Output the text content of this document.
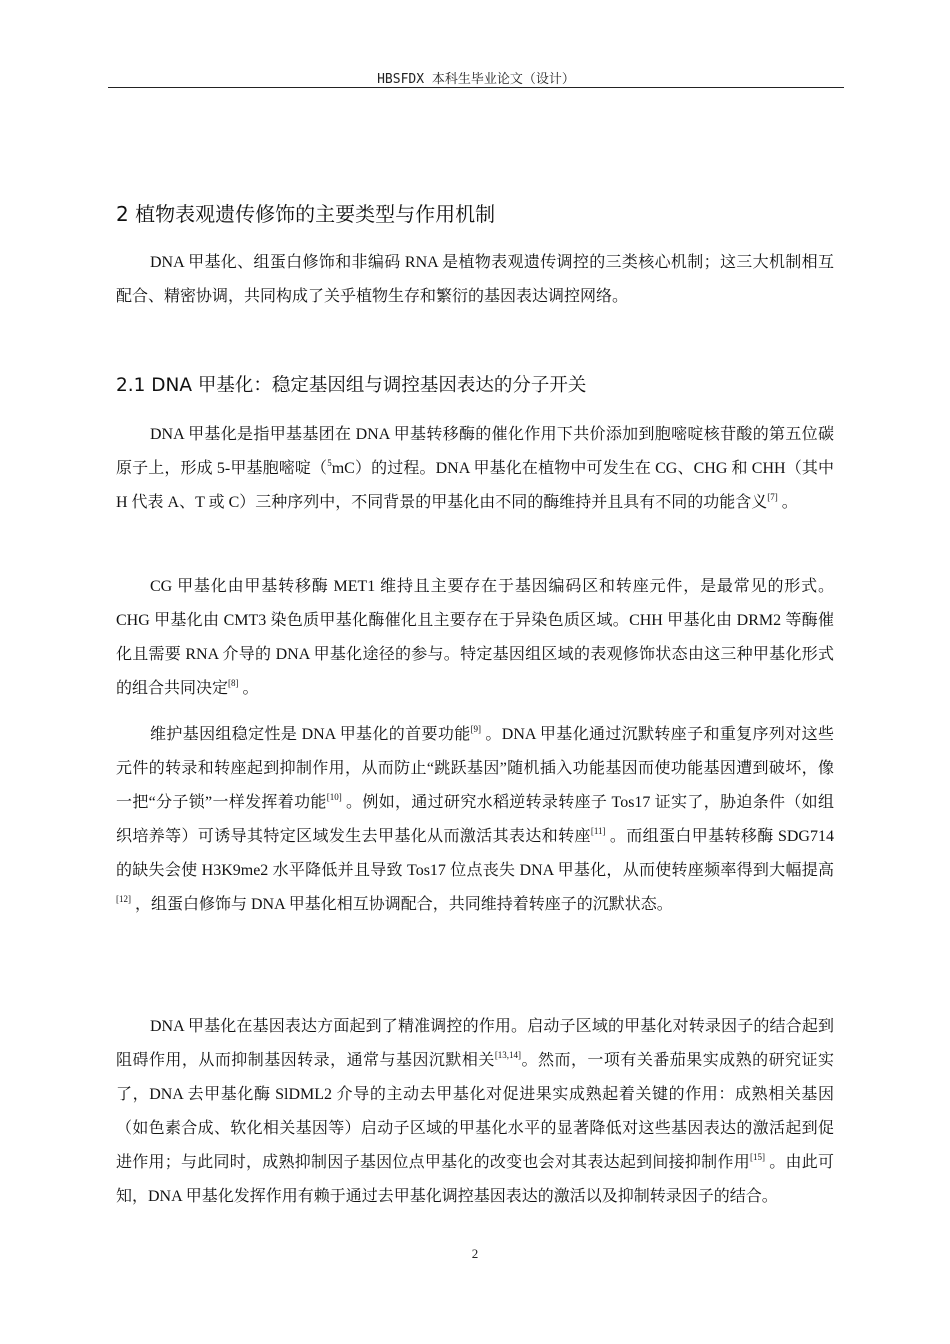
HBSFDX 本科生毕业论文（设计）
2 植物表观遗传修饰的主要类型与作用机制

DNA 甲基化、组蛋白修饰和非编码 RNA 是植物表观遗传调控的三类核心机制；这三大机制相互配合、精密协调，共同构成了关乎植物生存和繁衍的基因表达调控网络。

2.1 DNA 甲基化：稳定基因组与调控基因表达的分子开关

DNA 甲基化是指甲基基团在 DNA 甲基转移酶的催化作用下共价添加到胞嘧啶核苷酸的第五位碳原子上，形成 5-甲基胞嘧啶（$^5$mC）的过程。DNA 甲基化在植物中可发生在 CG、CHG 和 CHH（其中 H 代表 A、T 或 C）三种序列中，不同背景的甲基化由不同的酶维持并且具有不同的功能含义[7] 。

CG 甲基化由甲基转移酶 MET1 维持且主要存在于基因编码区和转座元件，是最常见的形式。CHG 甲基化由 CMT3 染色质甲基化酶催化且主要存在于异染色质区域。CHH 甲基化由 DRM2 等酶催化且需要 RNA 介导的 DNA 甲基化途径的参与。特定基因组区域的表观修饰状态由这三种甲基化形式的组合共同决定[8] 。

维护基因组稳定性是 DNA 甲基化的首要功能[9] 。DNA 甲基化通过沉默转座子和重复序列对这些元件的转录和转座起到抑制作用，从而防止“跳跃基因”随机插入功能基因而使功能基因遭到破坏，像一把“分子锁”一样发挥着功能[10] 。例如，通过研究水稻逆转录转座子 Tos17 证实了，胁迫条件（如组织培养等）可诱导其特定区域发生去甲基化从而激活其表达和转座[11] 。而组蛋白甲基转移酶 SDG714 的缺失会使 H3K9me2 水平降低并且导致 Tos17 位点丧失 DNA 甲基化，从而使转座频率得到大幅提高[12] ，组蛋白修饰与 DNA 甲基化相互协调配合，共同维持着转座子的沉默状态。

DNA 甲基化在基因表达方面起到了精准调控的作用。启动子区域的甲基化对转录因子的结合起到阻碍作用，从而抑制基因转录，通常与基因沉默相关[13,14]。然而，一项有关番茄果实成熟的研究证实了，DNA 去甲基化酶 SlDML2 介导的主动去甲基化对促进果实成熟起着关键的作用：成熟相关基因（如色素合成、软化相关基因等）启动子区域的甲基化水平的显著降低对这些基因表达的激活起到促进作用；与此同时，成熟抑制因子基因位点甲基化的改变也会对其表达起到间接抑制作用[15] 。由此可知，DNA 甲基化发挥作用有赖于通过去甲基化调控基因表达的激活以及抑制转录因子的结合。

2
